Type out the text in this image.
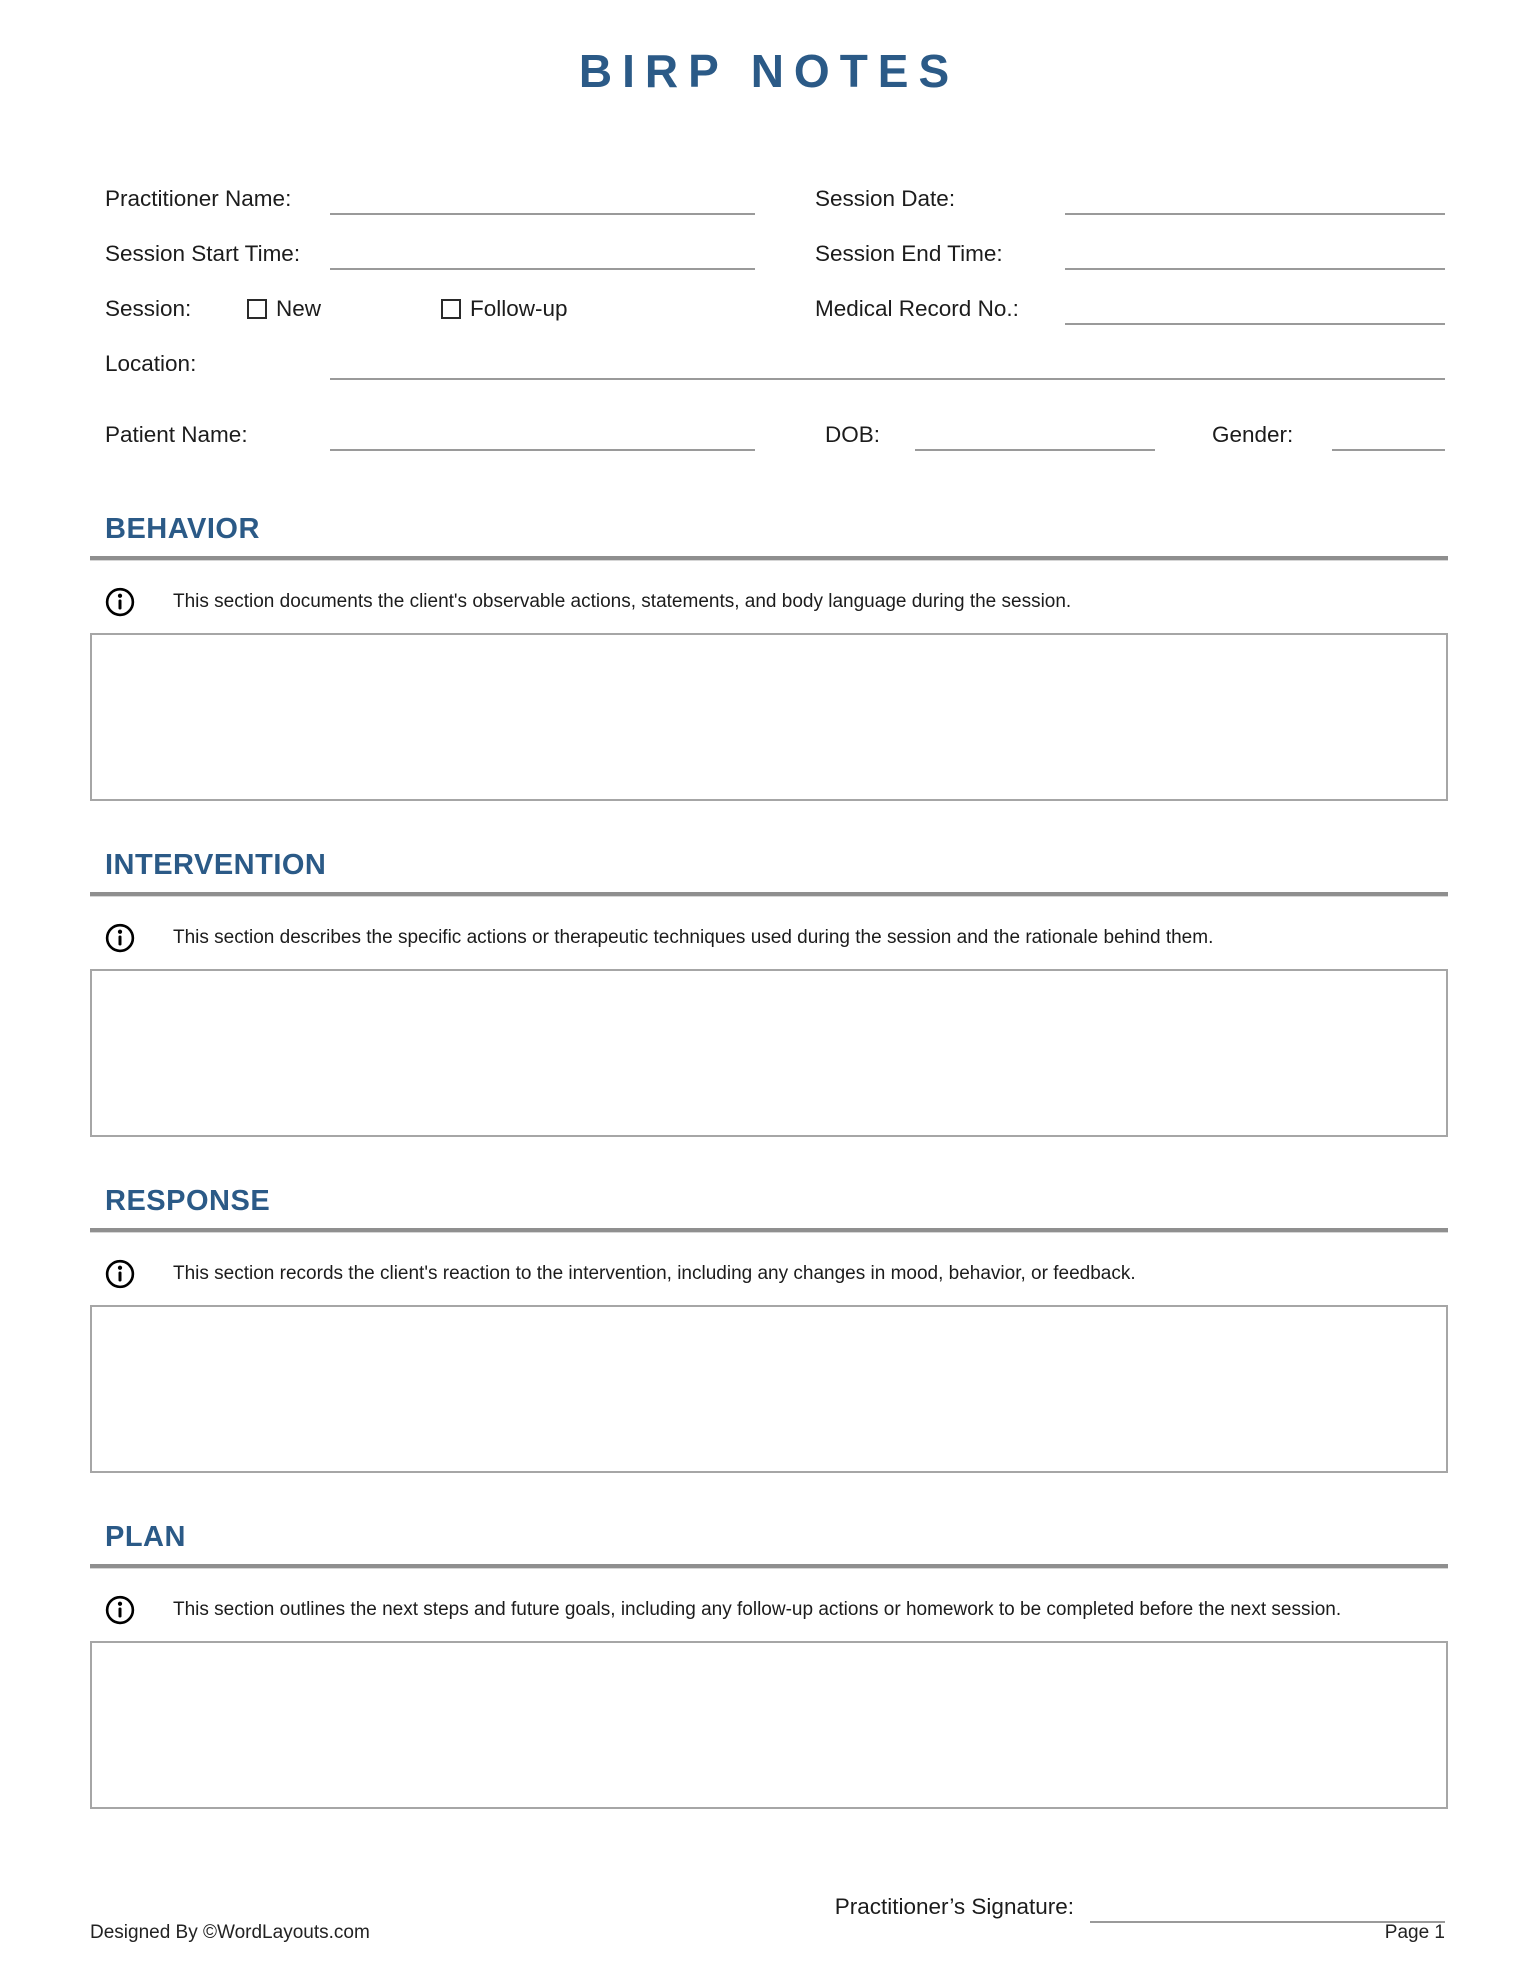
BIRP NOTES
Practitioner Name:	Session Date:
Session Start Time:	Session End Time:
Session:	New	Follow-up	Medical Record No.:
Location:
Patient Name:	DOB:	Gender:
BEHAVIOR
This section documents the client's observable actions, statements, and body language during the session.
INTERVENTION
This section describes the specific actions or therapeutic techniques used during the session and the rationale behind them.
RESPONSE
This section records the client's reaction to the intervention, including any changes in mood, behavior, or feedback.
PLAN
This section outlines the next steps and future goals, including any follow-up actions or homework to be completed before the next session.
Practitioner’s Signature:
Designed By ©WordLayouts.com	Page 1
